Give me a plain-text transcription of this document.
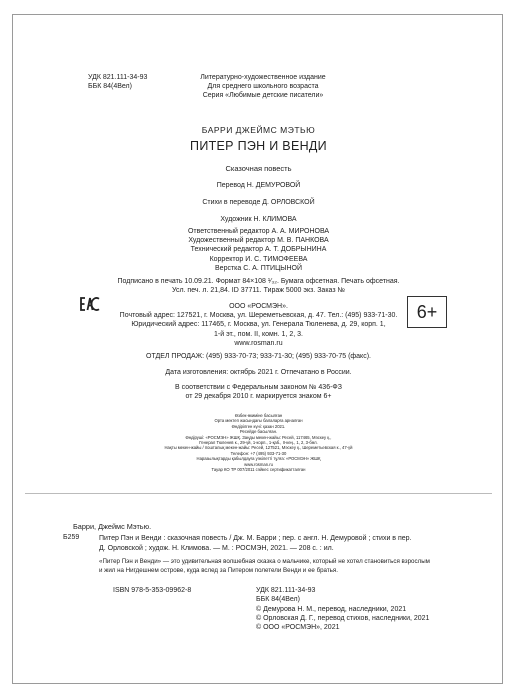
УДК 821.111-34-93
ББК 84(4Вел)
Литературно-художественное издание
Для среднего школьного возраста
Серия «Любимые детские писатели»
БАРРИ ДЖЕЙМС МЭТЬЮ
ПИТЕР ПЭН И ВЕНДИ
Сказочная повесть
Перевод Н. ДЕМУРОВОЙ
Стихи в переводе Д. ОРЛОВСКОЙ
Художник Н. КЛИМОВА
Ответственный редактор А. А. МИРОНОВА
Художественный редактор М. В. ПАНКОВА
Технический редактор А. Т. ДОБРЫНИНА
Корректор И. С. ТИМОФЕЕВА
Верстка С. А. ПТИЦЫНОЙ
Подписано в печать 10.09.21. Формат 84×108 ¹⁄₃₂. Бумага офсетная. Печать офсетная.
Усл. печ. л. 21,84. ID 37711. Тираж 5000 экз. Заказ №
ООО «РОСМЭН».
Почтовый адрес: 127521, г. Москва, ул. Шереметьевская, д. 47. Тел.: (495) 933-71-30.
Юридический адрес: 117465, г. Москва, ул. Генерала Тюленева, д. 29, корп. 1,
1-й эт., пом. II, комн. 1, 2, 3.
www.rosman.ru
ОТДЕЛ ПРОДАЖ: (495) 933-70-73; 933-71-30; (495) 933-70-75 (факс).
Дата изготовления: октябрь 2021 г. Отпечатано в России.
6+
В соответствии с Федеральным законом № 436-ФЗ
от 29 декабря 2010 г. маркируется знаком 6+
Өзбек-өкиміне басылған
Орта мектеп жасындағы балаларға арналған
Өндірілген күні: қазан 2021.
Ресейде басылған.
Өндіруші: «РОСМЭН» ЖШҚ. Заңды мекен-жайы: Ресей, 117465, Мәскеу қ.,
Генерал Тюленев к., 29-үй, 1-корп., 1-қаб., II-кең., 1, 2, 3-бөл.
Нақты мекен-жайы / пошталық мекен-жайы: Ресей, 127521, Мәскеу қ., Шереметьевская к., 47-үй
Телефон: +7 (495) 933-71-30
Наразылықтарды қабылдауға уәкілетті тұлға: «РОСМЭН» ЖШҚ
www.rosman.ru
Тауар КО ТР 007/2011 сәйкес сертификатталған
Барри, Джеймс Мэтью.
Б259	Питер Пэн и Венди : сказочная повесть / Дж. М. Барри ; пер. с англ. Н. Демуровой ; стихи в пер.
Д. Орловской ; худож. Н. Климова. — М. : РОСМЭН, 2021. — 208 с. : ил.
«Питер Пэн и Венди» — это удивительная волшебная сказка о мальчике, который не хотел становиться взрослым
и жил на Нигдешнем острове, куда вслед за Питером полетели Венди и ее братья.
ISBN 978-5-353-09962-8	УДК 821.111-34-93
ББК 84(4Вел)
© Демурова Н. М., перевод, наследники, 2021
© Орловская Д. Г., перевод стихов, наследники, 2021
© ООО «РОСМЭН», 2021
